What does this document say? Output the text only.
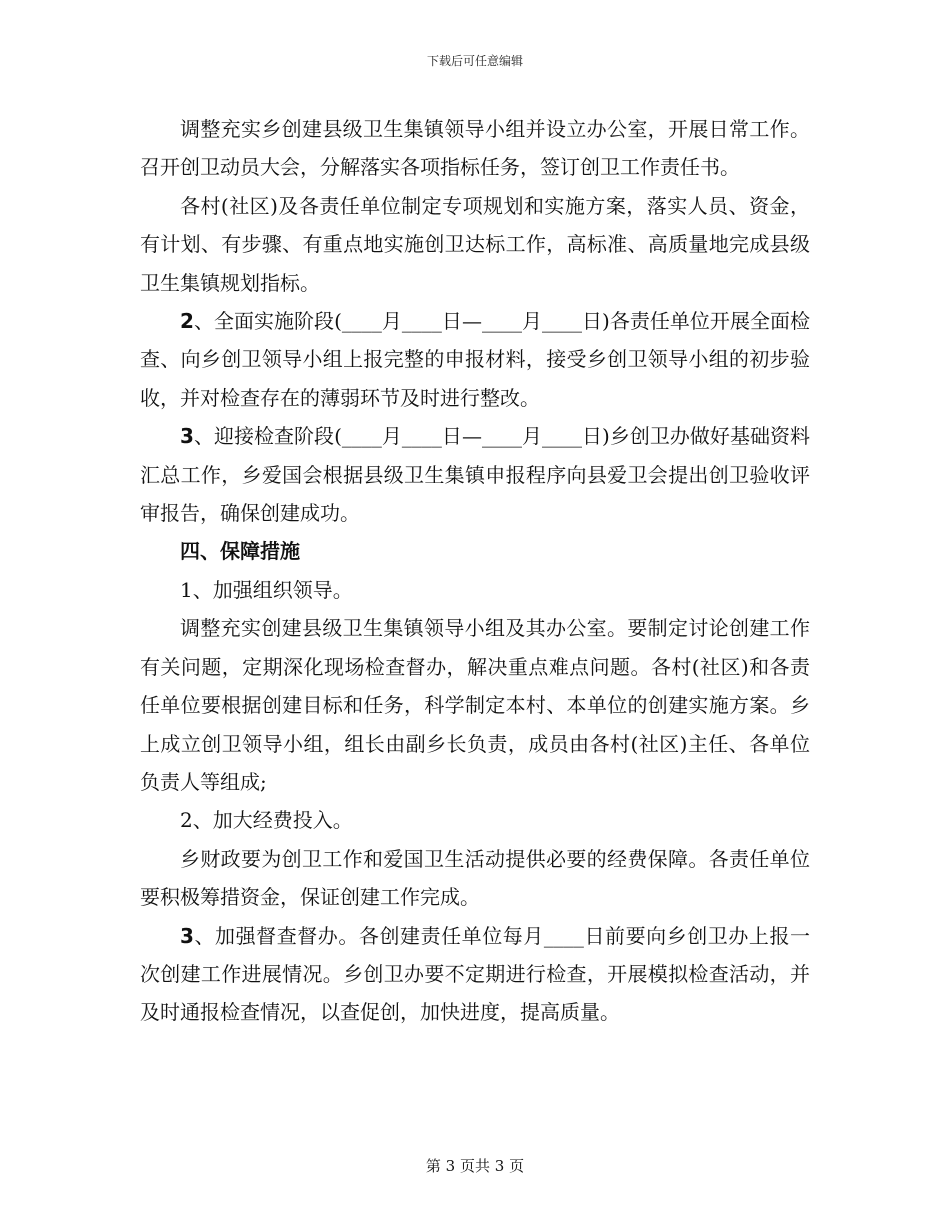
下载后可任意编辑

调整充实乡创建县级卫生集镇领导小组并设立办公室，开展日常工作。召开创卫动员大会，分解落实各项指标任务，签订创卫工作责任书。

各村(社区)及各责任单位制定专项规划和实施方案，落实人员、资金，有计划、有步骤、有重点地实施创卫达标工作，高标准、高质量地完成县级卫生集镇规划指标。

2、全面实施阶段(____月____日—____月____日)各责任单位开展全面检查、向乡创卫领导小组上报完整的申报材料，接受乡创卫领导小组的初步验收，并对检查存在的薄弱环节及时进行整改。

3、迎接检查阶段(____月____日—____月____日)乡创卫办做好基础资料汇总工作，乡爱国会根据县级卫生集镇申报程序向县爱卫会提出创卫验收评审报告，确保创建成功。

四、保障措施

1、加强组织领导。

调整充实创建县级卫生集镇领导小组及其办公室。要制定讨论创建工作有关问题，定期深化现场检查督办，解决重点难点问题。各村(社区)和各责任单位要根据创建目标和任务，科学制定本村、本单位的创建实施方案。乡上成立创卫领导小组，组长由副乡长负责，成员由各村(社区)主任、各单位负责人等组成;

2、加大经费投入。

乡财政要为创卫工作和爱国卫生活动提供必要的经费保障。各责任单位要积极筹措资金，保证创建工作完成。

3、加强督查督办。各创建责任单位每月____日前要向乡创卫办上报一次创建工作进展情况。乡创卫办要不定期进行检查，开展模拟检查活动，并及时通报检查情况，以查促创，加快进度，提高质量。

第 3 页共 3 页
